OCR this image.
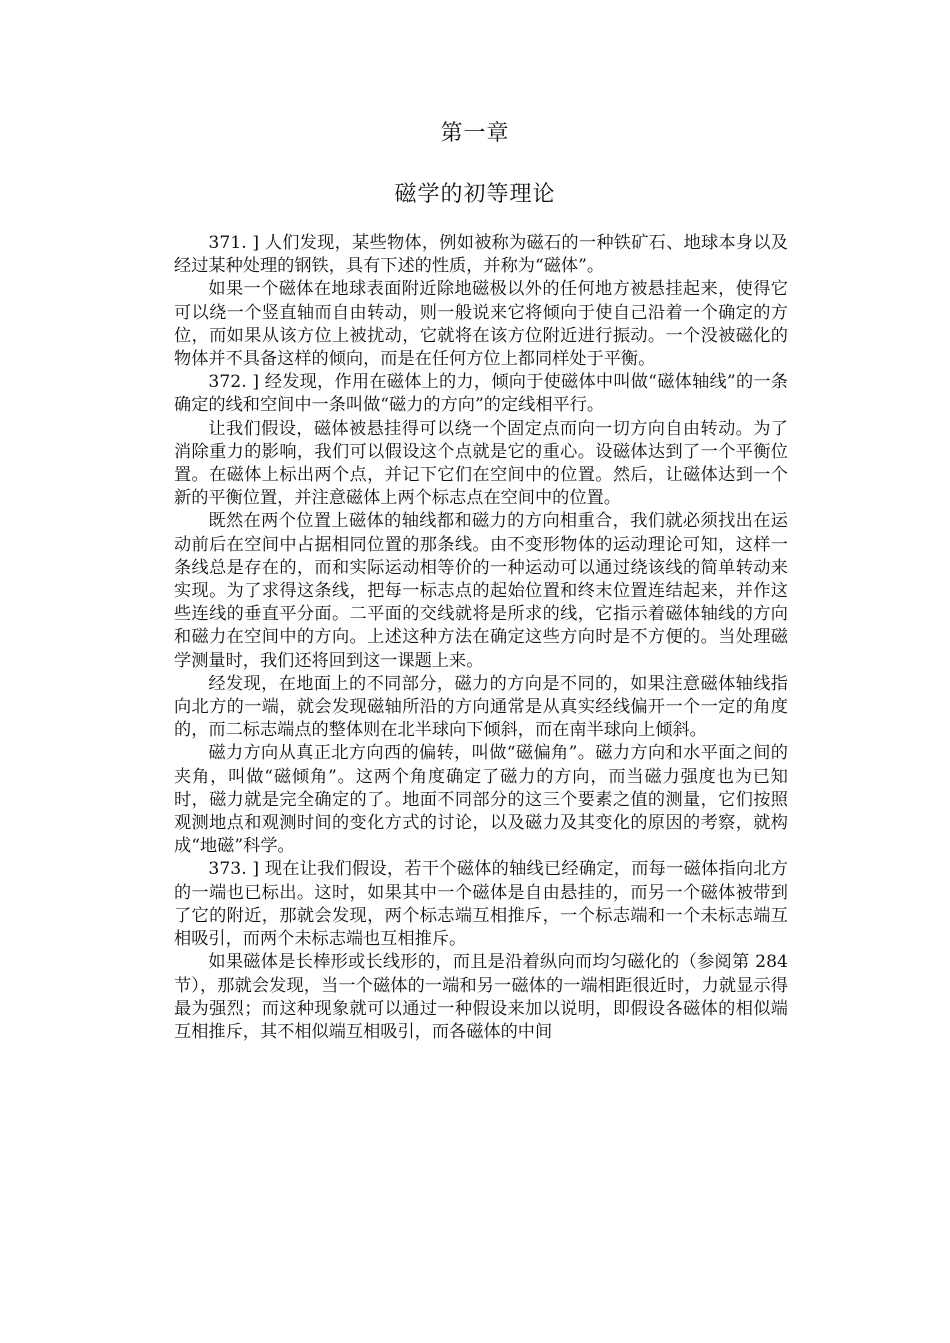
第一章
磁学的初等理论

371. ] 人们发现，某些物体，例如被称为磁石的一种铁矿石、地球本身以及经过某种处理的钢铁，具有下述的性质，并称为“磁体”。

如果一个磁体在地球表面附近除地磁极以外的任何地方被悬挂起来，使得它可以绕一个竖直轴而自由转动，则一般说来它将倾向于使自己沿着一个确定的方位，而如果从该方位上被扰动，它就将在该方位附近进行振动。一个没被磁化的物体并不具备这样的倾向，而是在任何方位上都同样处于平衡。

372. ] 经发现，作用在磁体上的力，倾向于使磁体中叫做“磁体轴线”的一条确定的线和空间中一条叫做“磁力的方向”的定线相平行。

让我们假设，磁体被悬挂得可以绕一个固定点而向一切方向自由转动。为了消除重力的影响，我们可以假设这个点就是它的重心。设磁体达到了一个平衡位置。在磁体上标出两个点，并记下它们在空间中的位置。然后，让磁体达到一个新的平衡位置，并注意磁体上两个标志点在空间中的位置。

既然在两个位置上磁体的轴线都和磁力的方向相重合，我们就必须找出在运动前后在空间中占据相同位置的那条线。由不变形物体的运动理论可知，这样一条线总是存在的，而和实际运动相等价的一种运动可以通过绕该线的简单转动来实现。为了求得这条线，把每一标志点的起始位置和终末位置连结起来，并作这些连线的垂直平分面。二平面的交线就将是所求的线，它指示着磁体轴线的方向和磁力在空间中的方向。上述这种方法在确定这些方向时是不方便的。当处理磁学测量时，我们还将回到这一课题上来。

经发现，在地面上的不同部分，磁力的方向是不同的，如果注意磁体轴线指向北方的一端，就会发现磁轴所沿的方向通常是从真实经线偏开一个一定的角度的，而二标志端点的整体则在北半球向下倾斜，而在南半球向上倾斜。

磁力方向从真正北方向西的偏转，叫做“磁偏角”。磁力方向和水平面之间的夹角，叫做“磁倾角”。这两个角度确定了磁力的方向，而当磁力强度也为已知时，磁力就是完全确定的了。地面不同部分的这三个要素之值的测量，它们按照观测地点和观测时间的变化方式的讨论，以及磁力及其变化的原因的考察，就构成“地磁”科学。

373. ] 现在让我们假设，若干个磁体的轴线已经确定，而每一磁体指向北方的一端也已标出。这时，如果其中一个磁体是自由悬挂的，而另一个磁体被带到了它的附近，那就会发现，两个标志端互相推斥，一个标志端和一个未标志端互相吸引，而两个未标志端也互相推斥。

如果磁体是长棒形或长线形的，而且是沿着纵向而均匀磁化的（参阅第 284 节），那就会发现，当一个磁体的一端和另一磁体的一端相距很近时，力就显示得最为强烈；而这种现象就可以通过一种假设来加以说明，即假设各磁体的相似端互相推斥，其不相似端互相吸引，而各磁体的中间
